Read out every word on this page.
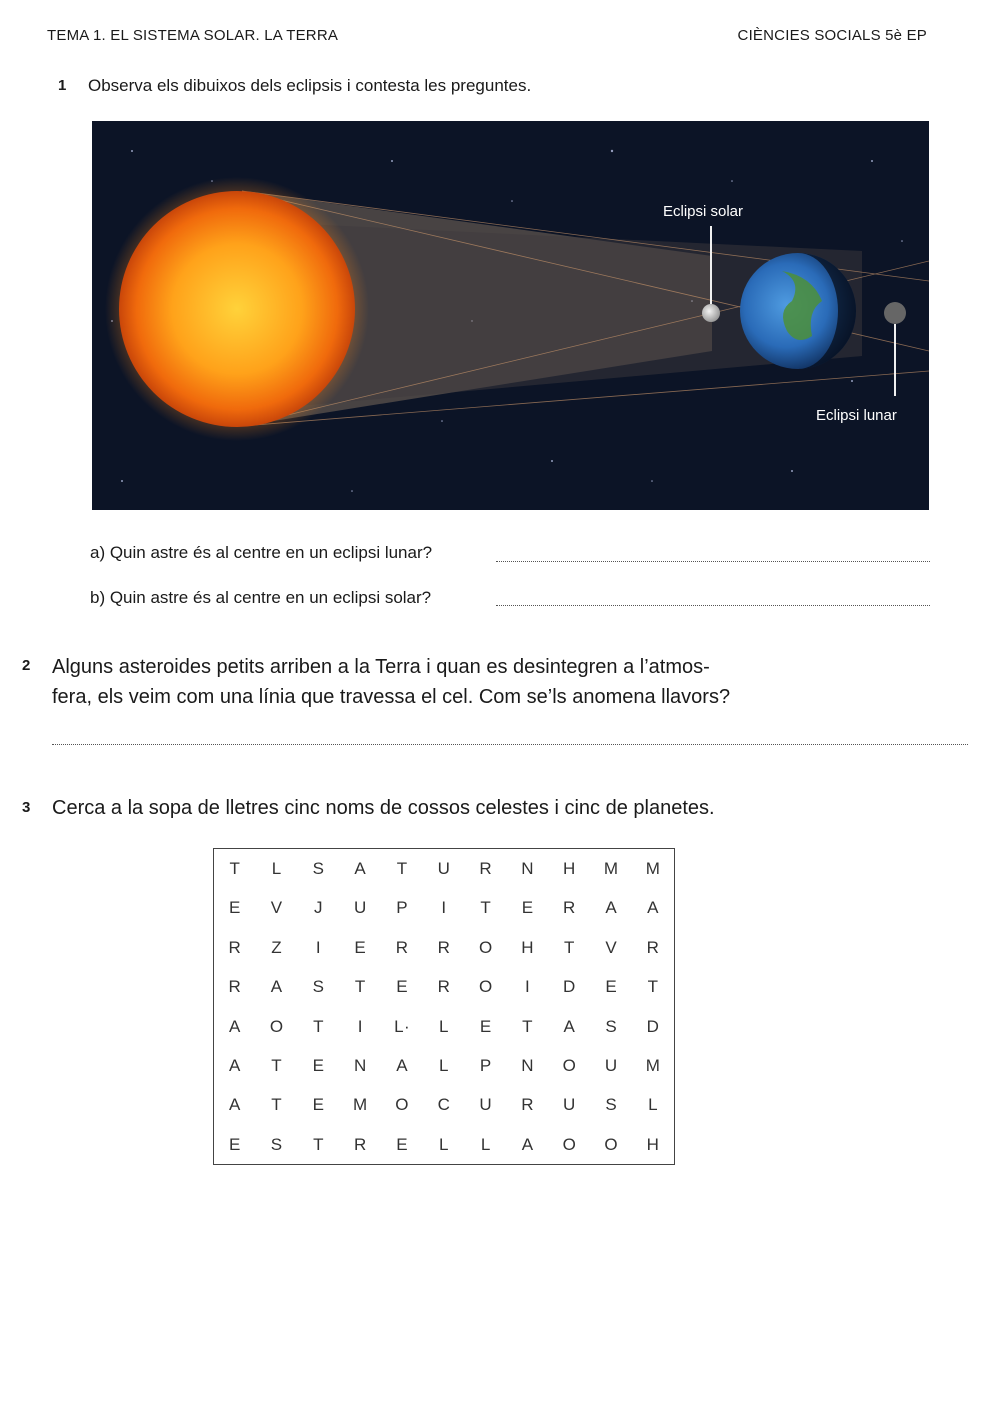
TEMA 1. EL SISTEMA SOLAR. LA TERRA	CIÈNCIES SOCIALS 5è EP
1 Observa els dibuixos dels eclipsis i contesta les preguntes.
Eclipsi solar
Eclipsi lunar
a) Quin astre és al centre en un eclipsi lunar?
b) Quin astre és al centre en un eclipsi solar?
2 Alguns asteroides petits arriben a la Terra i quan es desintegren a l’atmos-
fera, els veim com una línia que travessa el cel. Com se’ls anomena llavors?
3 Cerca a la sopa de lletres cinc noms de cossos celestes i cinc de planetes.
T	L	S	A	T	U	R	N	H	M	M
E	V	J	U	P	I	T	E	R	A	A
R	Z	I	E	R	R	O	H	T	V	R
R	A	S	T	E	R	O	I	D	E	T
A	O	T	I	L·	L	E	T	A	S	D
A	T	E	N	A	L	P	N	O	U	M
A	T	E	M	O	C	U	R	U	S	L
E	S	T	R	E	L	L	A	O	O	H
